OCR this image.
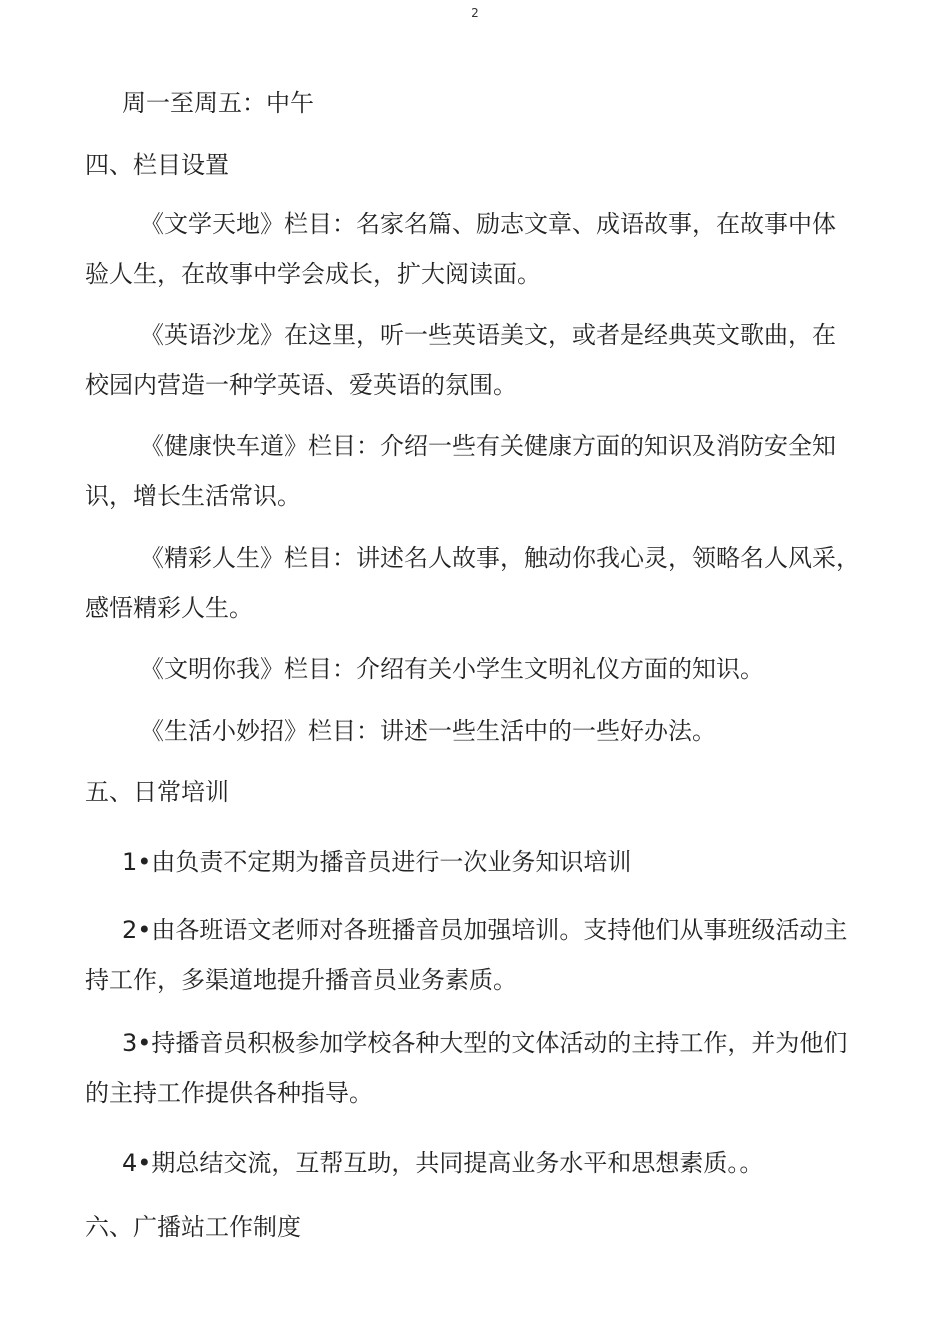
2
周一至周五：中午
四、栏目设置
《文学天地》栏目：名家名篇、励志文章、成语故事，在故事中体
验人生，在故事中学会成长，扩大阅读面。
《英语沙龙》在这里，听一些英语美文，或者是经典英文歌曲，在
校园内营造一种学英语、爱英语的氛围。
《健康快车道》栏目：介绍一些有关健康方面的知识及消防安全知
识，增长生活常识。
《精彩人生》栏目：讲述名人故事，触动你我心灵，领略名人风采，
感悟精彩人生。
《文明你我》栏目：介绍有关小学生文明礼仪方面的知识。
《生活小妙招》栏目：讲述一些生活中的一些好办法。
五、日常培训
1•由负责不定期为播音员进行一次业务知识培训
2•由各班语文老师对各班播音员加强培训。支持他们从事班级活动主
持工作，多渠道地提升播音员业务素质。
3•持播音员积极参加学校各种大型的文体活动的主持工作，并为他们
的主持工作提供各种指导。
4•期总结交流，互帮互助，共同提高业务水平和思想素质。。
六、广播站工作制度
